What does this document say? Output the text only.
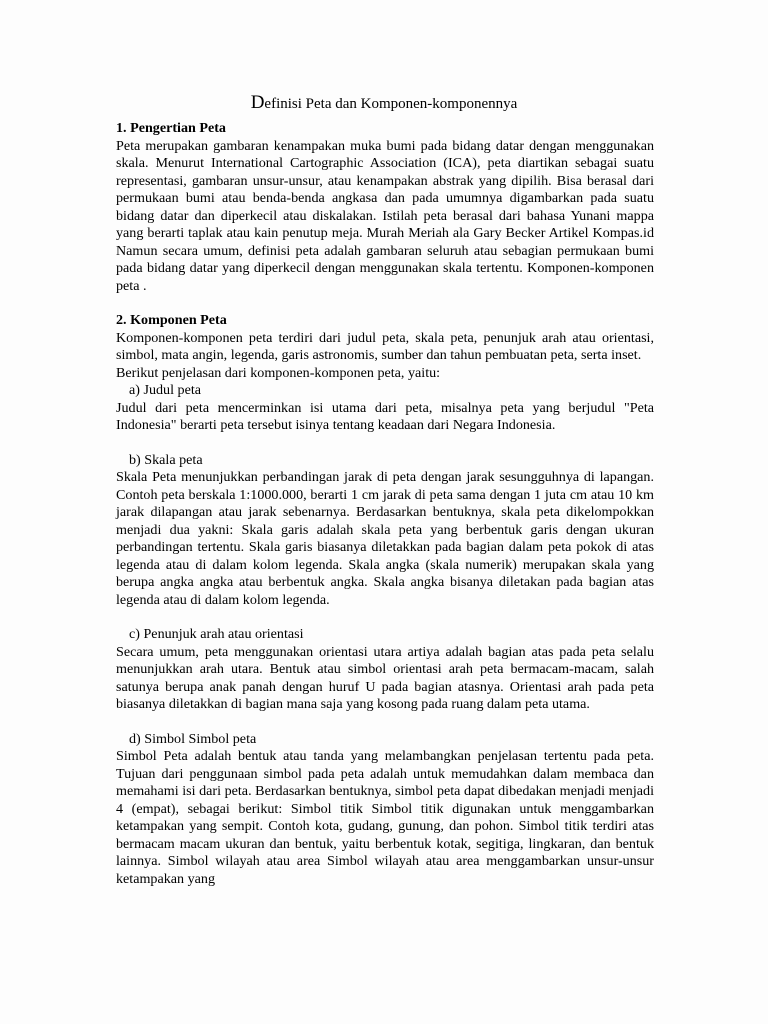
Definisi Peta dan Komponen-komponennya
1. Pengertian Peta

Peta merupakan gambaran kenampakan muka bumi pada bidang datar dengan menggunakan skala. Menurut International Cartographic Association (ICA), peta diartikan sebagai suatu representasi, gambaran unsur-unsur, atau kenampakan abstrak yang dipilih. Bisa berasal dari permukaan bumi atau benda-benda angkasa dan pada umumnya digambarkan pada suatu bidang datar dan diperkecil atau diskalakan. Istilah peta berasal dari bahasa Yunani mappa yang berarti taplak atau kain penutup meja. Murah Meriah ala Gary Becker Artikel Kompas.id Namun secara umum, definisi peta adalah gambaran seluruh atau sebagian permukaan bumi pada bidang datar yang diperkecil dengan menggunakan skala tertentu. Komponen-komponen peta .

2. Komponen Peta

Komponen-komponen peta terdiri dari judul peta, skala peta, penunjuk arah atau orientasi, simbol, mata angin, legenda, garis astronomis, sumber dan tahun pembuatan peta, serta inset.

Berikut penjelasan dari komponen-komponen peta, yaitu:

a) Judul peta

Judul dari peta mencerminkan isi utama dari peta, misalnya peta yang berjudul "Peta Indonesia" berarti peta tersebut isinya tentang keadaan dari Negara Indonesia.

b) Skala peta

Skala Peta menunjukkan perbandingan jarak di peta dengan jarak sesungguhnya di lapangan. Contoh peta berskala 1:1000.000, berarti 1 cm jarak di peta sama dengan 1 juta cm atau 10 km jarak dilapangan atau jarak sebenarnya. Berdasarkan bentuknya, skala peta dikelompokkan menjadi dua yakni: Skala garis adalah skala peta yang berbentuk garis dengan ukuran perbandingan tertentu. Skala garis biasanya diletakkan pada bagian dalam peta pokok di atas legenda atau di dalam kolom legenda. Skala angka (skala numerik) merupakan skala yang berupa angka angka atau berbentuk angka. Skala angka bisanya diletakan pada bagian atas legenda atau di dalam kolom legenda.

c) Penunjuk arah atau orientasi

Secara umum, peta menggunakan orientasi utara artiya adalah bagian atas pada peta selalu menunjukkan arah utara. Bentuk atau simbol orientasi arah peta bermacam-macam, salah satunya berupa anak panah dengan huruf U pada bagian atasnya. Orientasi arah pada peta biasanya diletakkan di bagian mana saja yang kosong pada ruang dalam peta utama.

d) Simbol Simbol peta

Simbol Peta adalah bentuk atau tanda yang melambangkan penjelasan tertentu pada peta. Tujuan dari penggunaan simbol pada peta adalah untuk memudahkan dalam membaca dan memahami isi dari peta. Berdasarkan bentuknya, simbol peta dapat dibedakan menjadi menjadi 4 (empat), sebagai berikut: Simbol titik Simbol titik digunakan untuk menggambarkan ketampakan yang sempit. Contoh kota, gudang, gunung, dan pohon. Simbol titik terdiri atas bermacam macam ukuran dan bentuk, yaitu berbentuk kotak, segitiga, lingkaran, dan bentuk lainnya. Simbol wilayah atau area Simbol wilayah atau area menggambarkan unsur-unsur ketampakan yang
